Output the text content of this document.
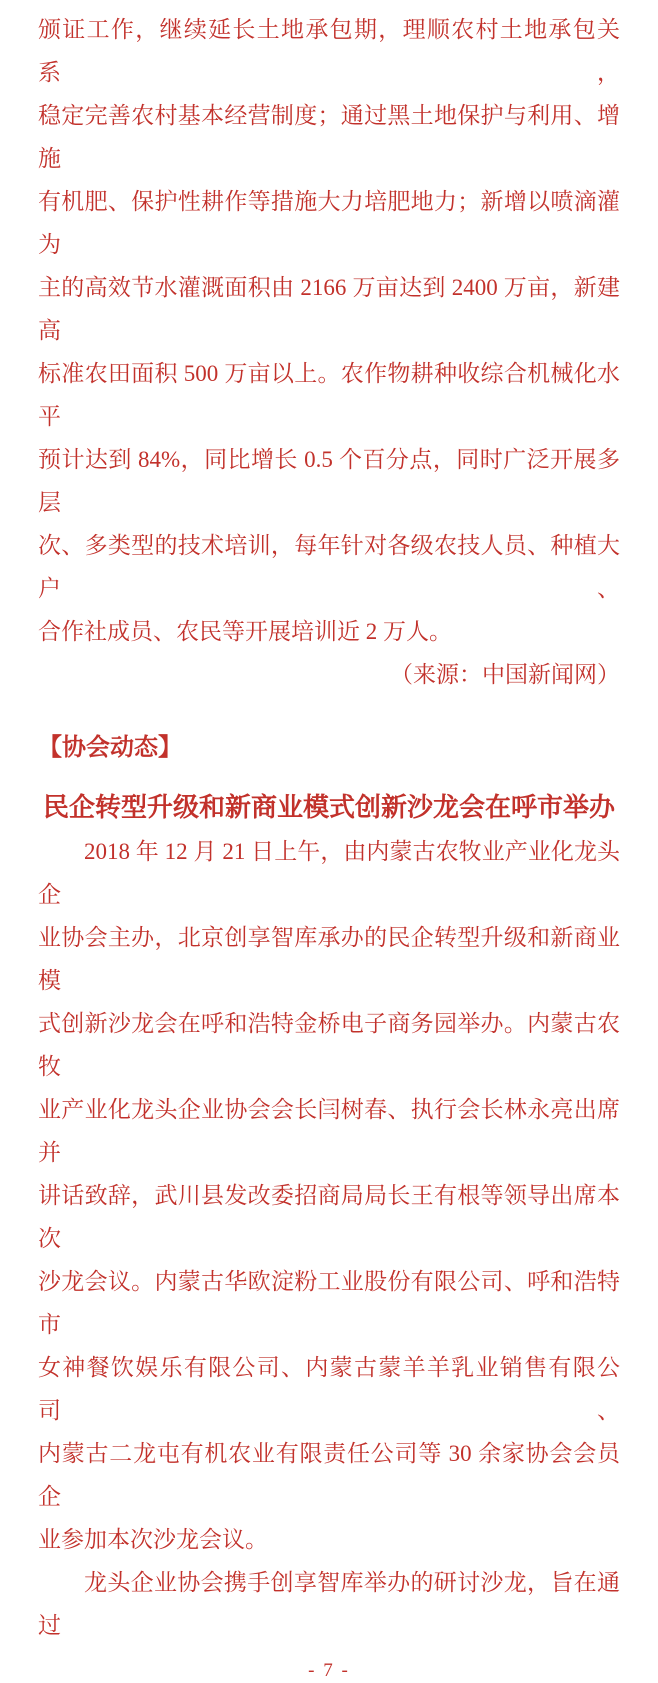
颁证工作，继续延长土地承包期，理顺农村土地承包关系，
稳定完善农村基本经营制度；通过黑土地保护与利用、增施
有机肥、保护性耕作等措施大力培肥地力；新增以喷滴灌为
主的高效节水灌溉面积由 2166 万亩达到 2400 万亩，新建高
标准农田面积 500 万亩以上。农作物耕种收综合机械化水平
预计达到 84%，同比增长 0.5 个百分点，同时广泛开展多层
次、多类型的技术培训，每年针对各级农技人员、种植大户、
合作社成员、农民等开展培训近 2 万人。
（来源：中国新闻网）
【协会动态】
民企转型升级和新商业模式创新沙龙会在呼市举办
2018 年 12 月 21 日上午，由内蒙古农牧业产业化龙头企
业协会主办，北京创享智库承办的民企转型升级和新商业模
式创新沙龙会在呼和浩特金桥电子商务园举办。内蒙古农牧
业产业化龙头企业协会会长闫树春、执行会长林永亮出席并
讲话致辞，武川县发改委招商局局长王有根等领导出席本次
沙龙会议。内蒙古华欧淀粉工业股份有限公司、呼和浩特市
女神餐饮娱乐有限公司、内蒙古蒙羊羊乳业销售有限公司、
内蒙古二龙屯有机农业有限责任公司等 30 余家协会会员企
业参加本次沙龙会议。
龙头企业协会携手创享智库举办的研讨沙龙，旨在通过
- 7 -
